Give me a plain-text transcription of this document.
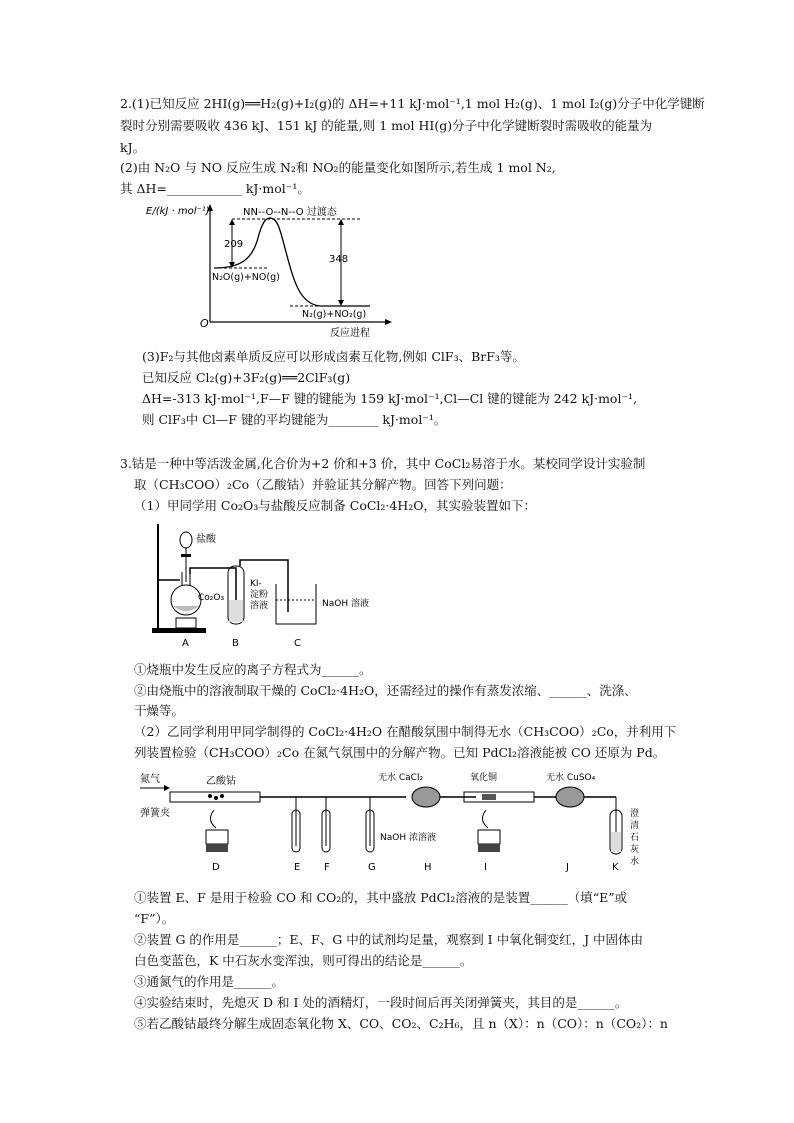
2.(1)已知反应 2HI(g)══H₂(g)+I₂(g)的 ΔH=+11 kJ·mol⁻¹,1 mol H₂(g)、1 mol I₂(g)分子中化学键断
裂时分别需要吸收 436 kJ、151 kJ 的能量,则 1 mol HI(g)分子中化学键断裂时需吸收的能量为
kJ。
(2)由 N₂O 与 NO 反应生成 N₂和 NO₂的能量变化如图所示,若生成 1 mol N₂,
其 ΔH=____________ kJ·mol⁻¹。
E/(kJ · mol⁻¹)
O
反应进程
209
348
NN--O--N--O 过渡态
N₂O(g)+NO(g)
N₂(g)+NO₂(g)
(3)F₂与其他卤素单质反应可以形成卤素互化物,例如 ClF₃、BrF₃等。
已知反应 Cl₂(g)+3F₂(g)══2ClF₃(g)
ΔH=-313 kJ·mol⁻¹,F—F 键的键能为 159 kJ·mol⁻¹,Cl—Cl 键的键能为 242 kJ·mol⁻¹,
则 ClF₃中 Cl—F 键的平均键能为________ kJ·mol⁻¹。
3.钴是一种中等活泼金属,化合价为+2 价和+3 价，其中 CoCl₂易溶于水。某校同学设计实验制
取（CH₃COO）₂Co（乙酸钴）并验证其分解产物。回答下列问题：
（1）甲同学用 Co₂O₃与盐酸反应制备 CoCl₂·4H₂O，其实验装置如下：
盐酸
Co₂O₃
KI-
淀粉
溶液	NaOH 溶液
A	B	C
①烧瓶中发生反应的离子方程式为______。
②由烧瓶中的溶液制取干燥的 CoCl₂·4H₂O，还需经过的操作有蒸发浓缩、______、洗涤、
干燥等。
（2）乙同学利用甲同学制得的 CoCl₂·4H₂O 在醋酸氛围中制得无水（CH₃COO）₂Co，并利用下
列装置检验（CH₃COO）₂Co 在氮气氛围中的分解产物。已知 PdCl₂溶液能被 CO 还原为 Pd。
氮气
弹簧夹
乙酸钴
D	E F	G
NaOH 浓溶液
无水 CaCl₂
H
氧化铜
I
无水 CuSO₄
J	K
澄
清
石
灰
水
①装置 E、F 是用于检验 CO 和 CO₂的，其中盛放 PdCl₂溶液的是装置______（填“E”或
“F”）。
②装置 G 的作用是______；E、F、G 中的试剂均足量，观察到 I 中氧化铜变红，J 中固体由
白色变蓝色，K 中石灰水变浑浊，则可得出的结论是______。
③通氮气的作用是______。
④实验结束时，先熄灭 D 和 I 处的酒精灯，一段时间后再关闭弹簧夹，其目的是______。
⑤若乙酸钴最终分解生成固态氧化物 X、CO、CO₂、C₂H₆，且 n（X）：n（CO）：n（CO₂）：n
